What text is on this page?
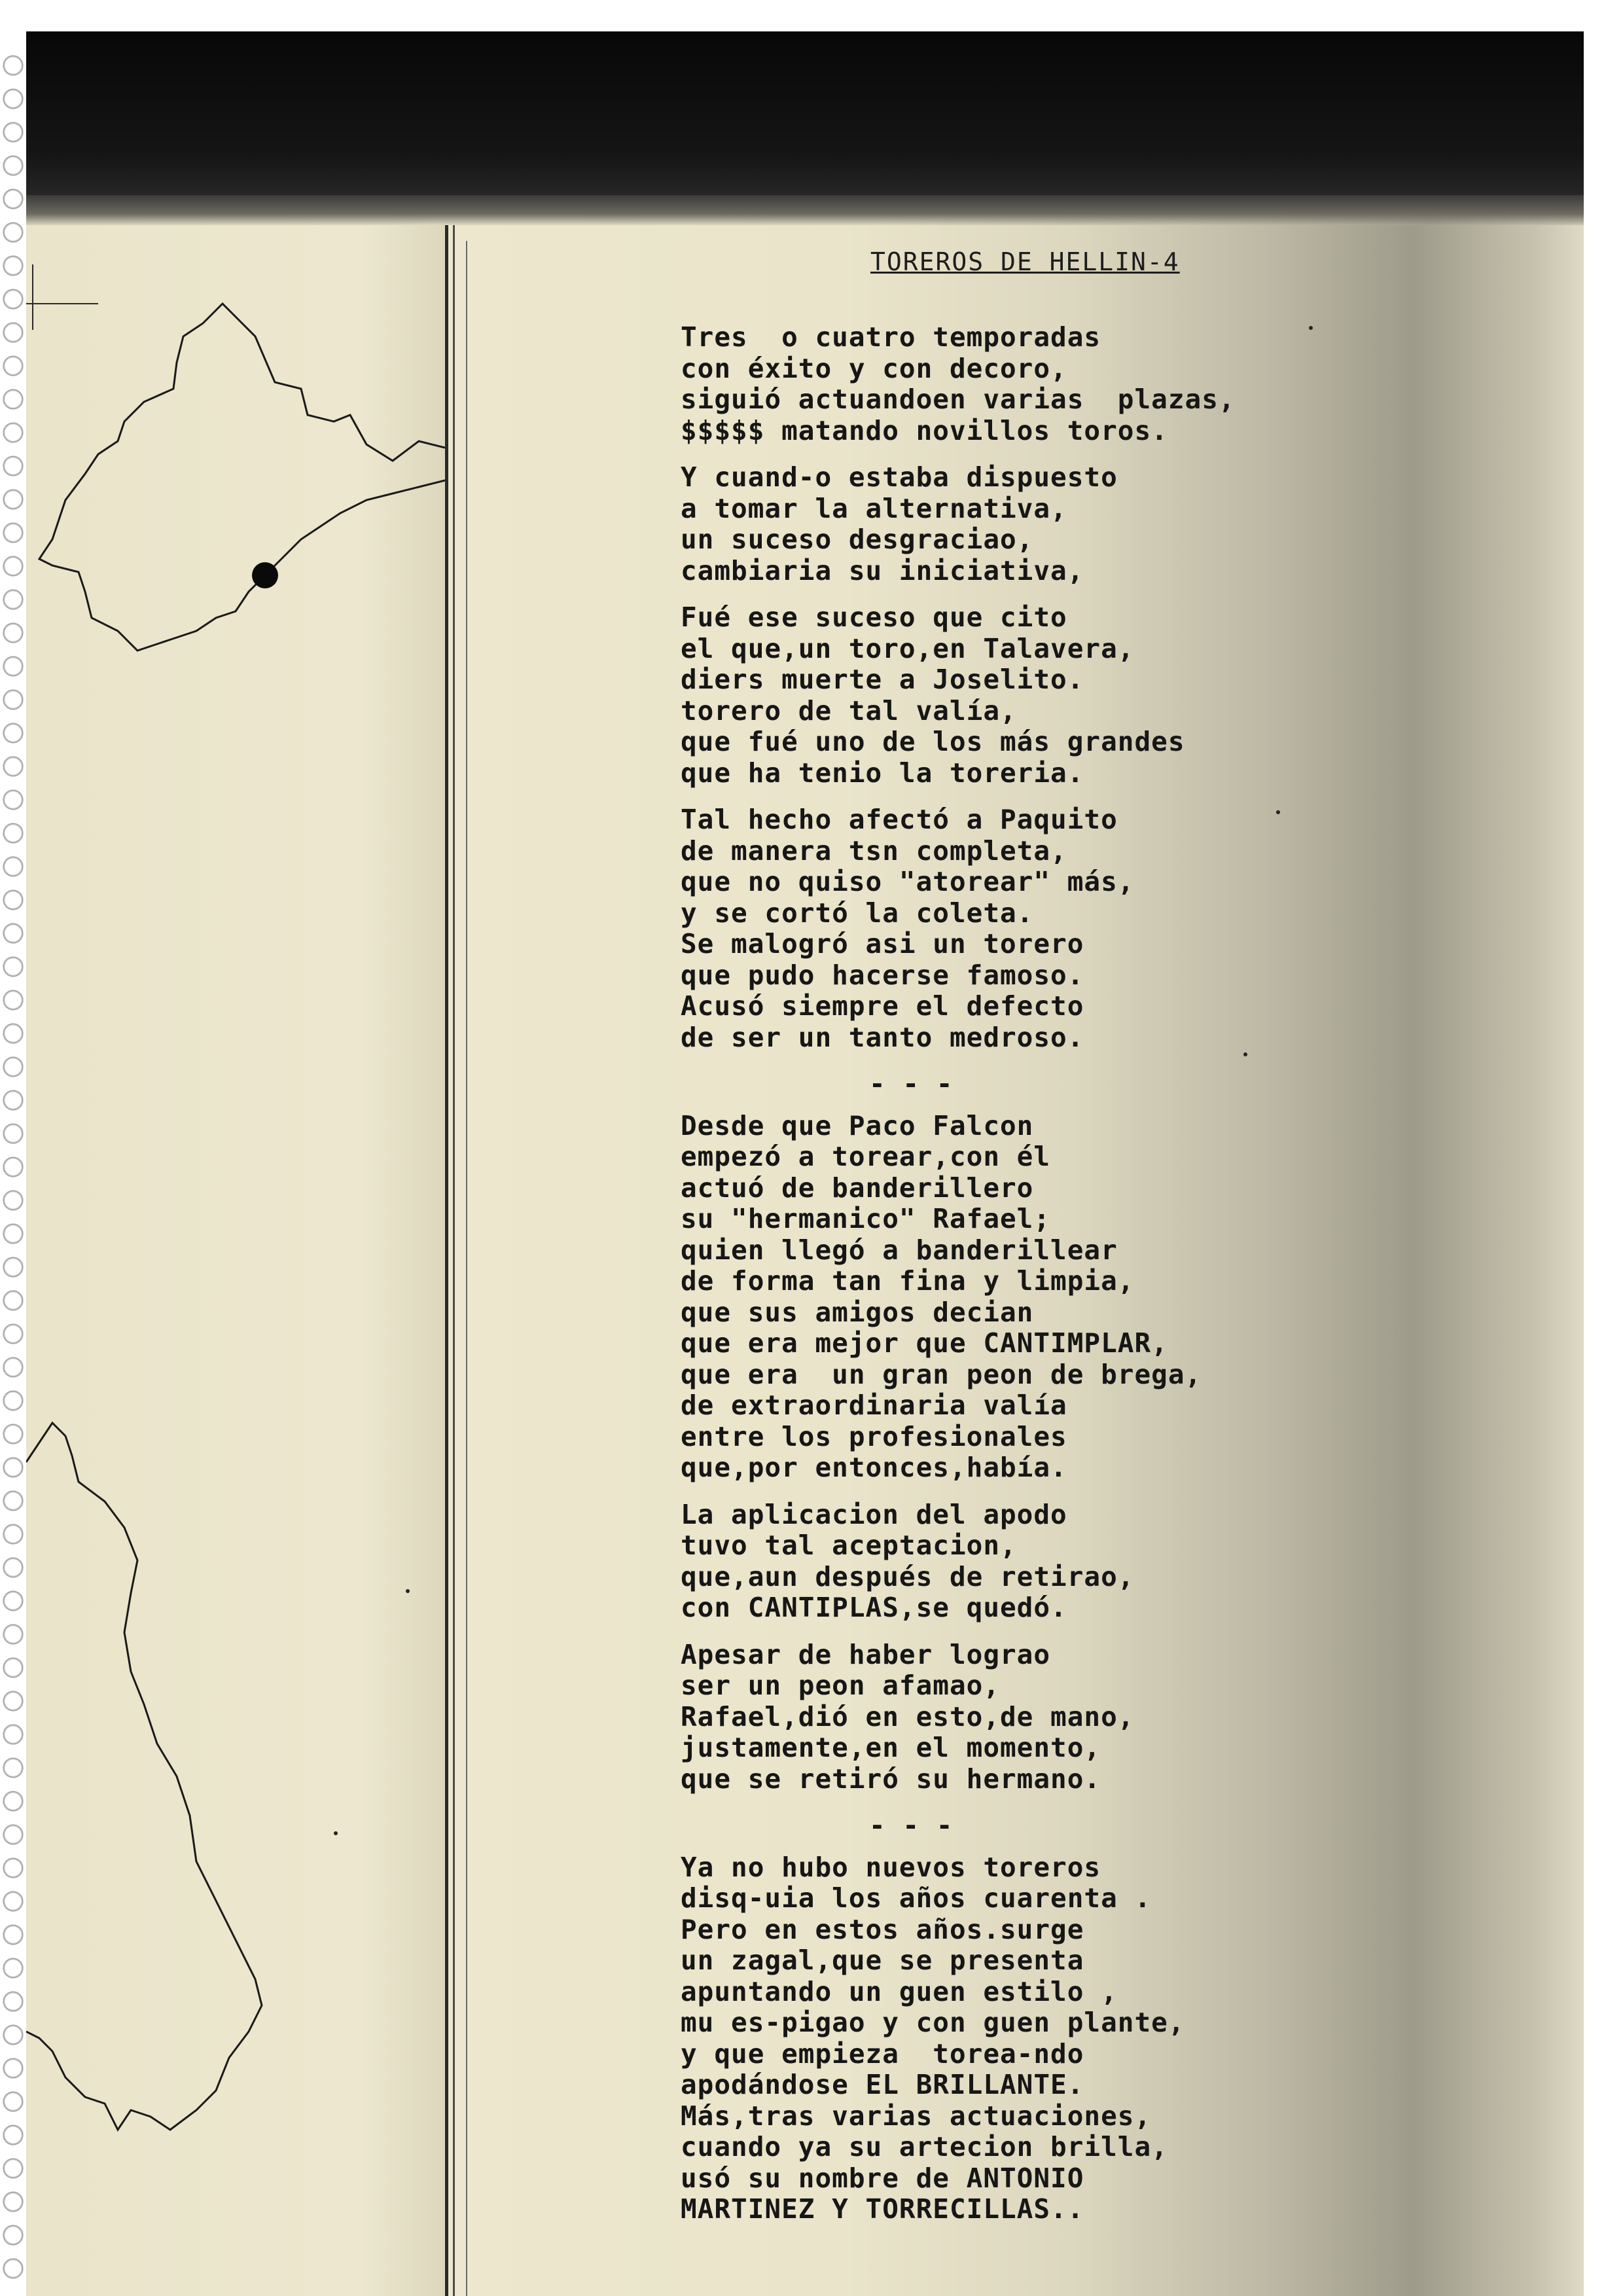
TOREROS DE HELLIN-4
Tres  o cuatro temporadas
con éxito y con decoro,
siguió actuandoen varias  plazas,
$$$$$ matando novillos toros.
Y cuand-o estaba dispuesto
a tomar la alternativa,
un suceso desgraciao,
cambiaria su iniciativa,
Fué ese suceso que cito
el que,un toro,en Talavera,
diers muerte a Joselito.
torero de tal valía,
que fué uno de los más grandes
que ha tenio la toreria.
Tal hecho afectó a Paquito
de manera tsn completa,
que no quiso "atorear" más,
y se cortó la coleta.
Se malogró asi un torero
que pudo hacerse famoso.
Acusó siempre el defecto
de ser un tanto medroso.
- - -
Desde que Paco Falcon
empezó a torear,con él
actuó de banderillero
su "hermanico" Rafael;
quien llegó a banderillear
de forma tan fina y limpia,
que sus amigos decian
que era mejor que CANTIMPLAR,
que era  un gran peon de brega,
de extraordinaria valía
entre los profesionales
que,por entonces,había.
La aplicacion del apodo
tuvo tal aceptacion,
que,aun después de retirao,
con CANTIPLAS,se quedó.
Apesar de haber lograo
ser un peon afamao,
Rafael,dió en esto,de mano,
justamente,en el momento,
que se retiró su hermano.
- - -
Ya no hubo nuevos toreros
disq-uia los años cuarenta .
Pero en estos años.surge
un zagal,que se presenta
apuntando un guen estilo ,
mu es-pigao y con guen plante,
y que empieza  torea-ndo
apodándose EL BRILLANTE.
Más,tras varias actuaciones,
cuando ya su artecion brilla,
usó su nombre de ANTONIO
MARTINEZ Y TORRECILLAS..
